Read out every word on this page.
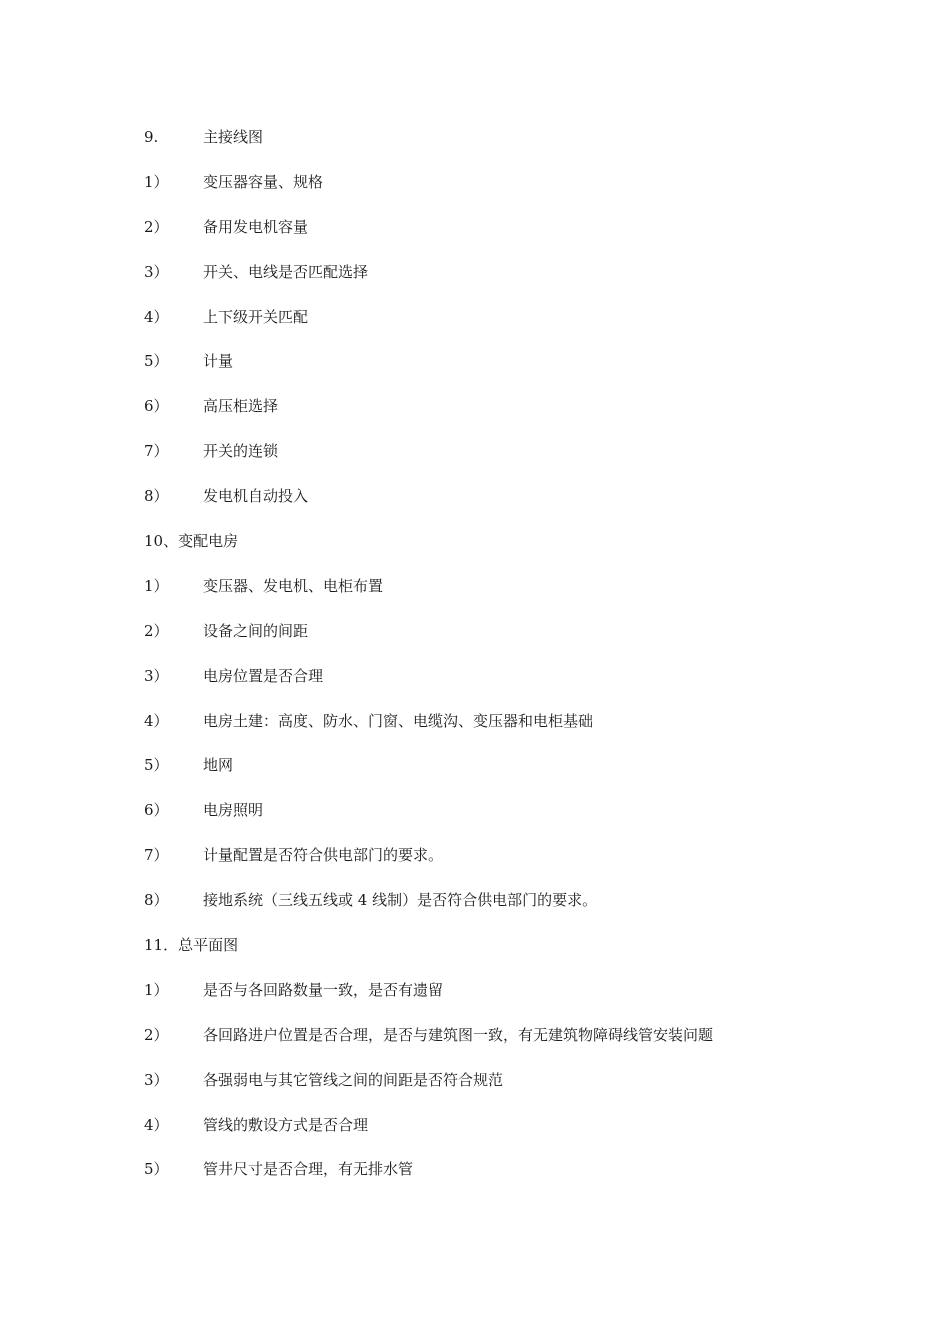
9.	主接线图
1）	变压器容量、规格
2）	备用发电机容量
3）	开关、电线是否匹配选择
4）	上下级开关匹配
5）	计量
6）	高压柜选择
7）	开关的连锁
8）	发电机自动投入
10、变配电房
1）	变压器、发电机、电柜布置
2）	设备之间的间距
3）	电房位置是否合理
4）	电房土建：高度、防水、门窗、电缆沟、变压器和电柜基础
5）	地网
6）	电房照明
7）	计量配置是否符合供电部门的要求。
8）	接地系统（三线五线或 4 线制）是否符合供电部门的要求。
11．总平面图
1）	是否与各回路数量一致，是否有遗留
2）	各回路进户位置是否合理，是否与建筑图一致，有无建筑物障碍线管安装问题
3）	各强弱电与其它管线之间的间距是否符合规范
4）	管线的敷设方式是否合理
5）	管井尺寸是否合理，有无排水管
